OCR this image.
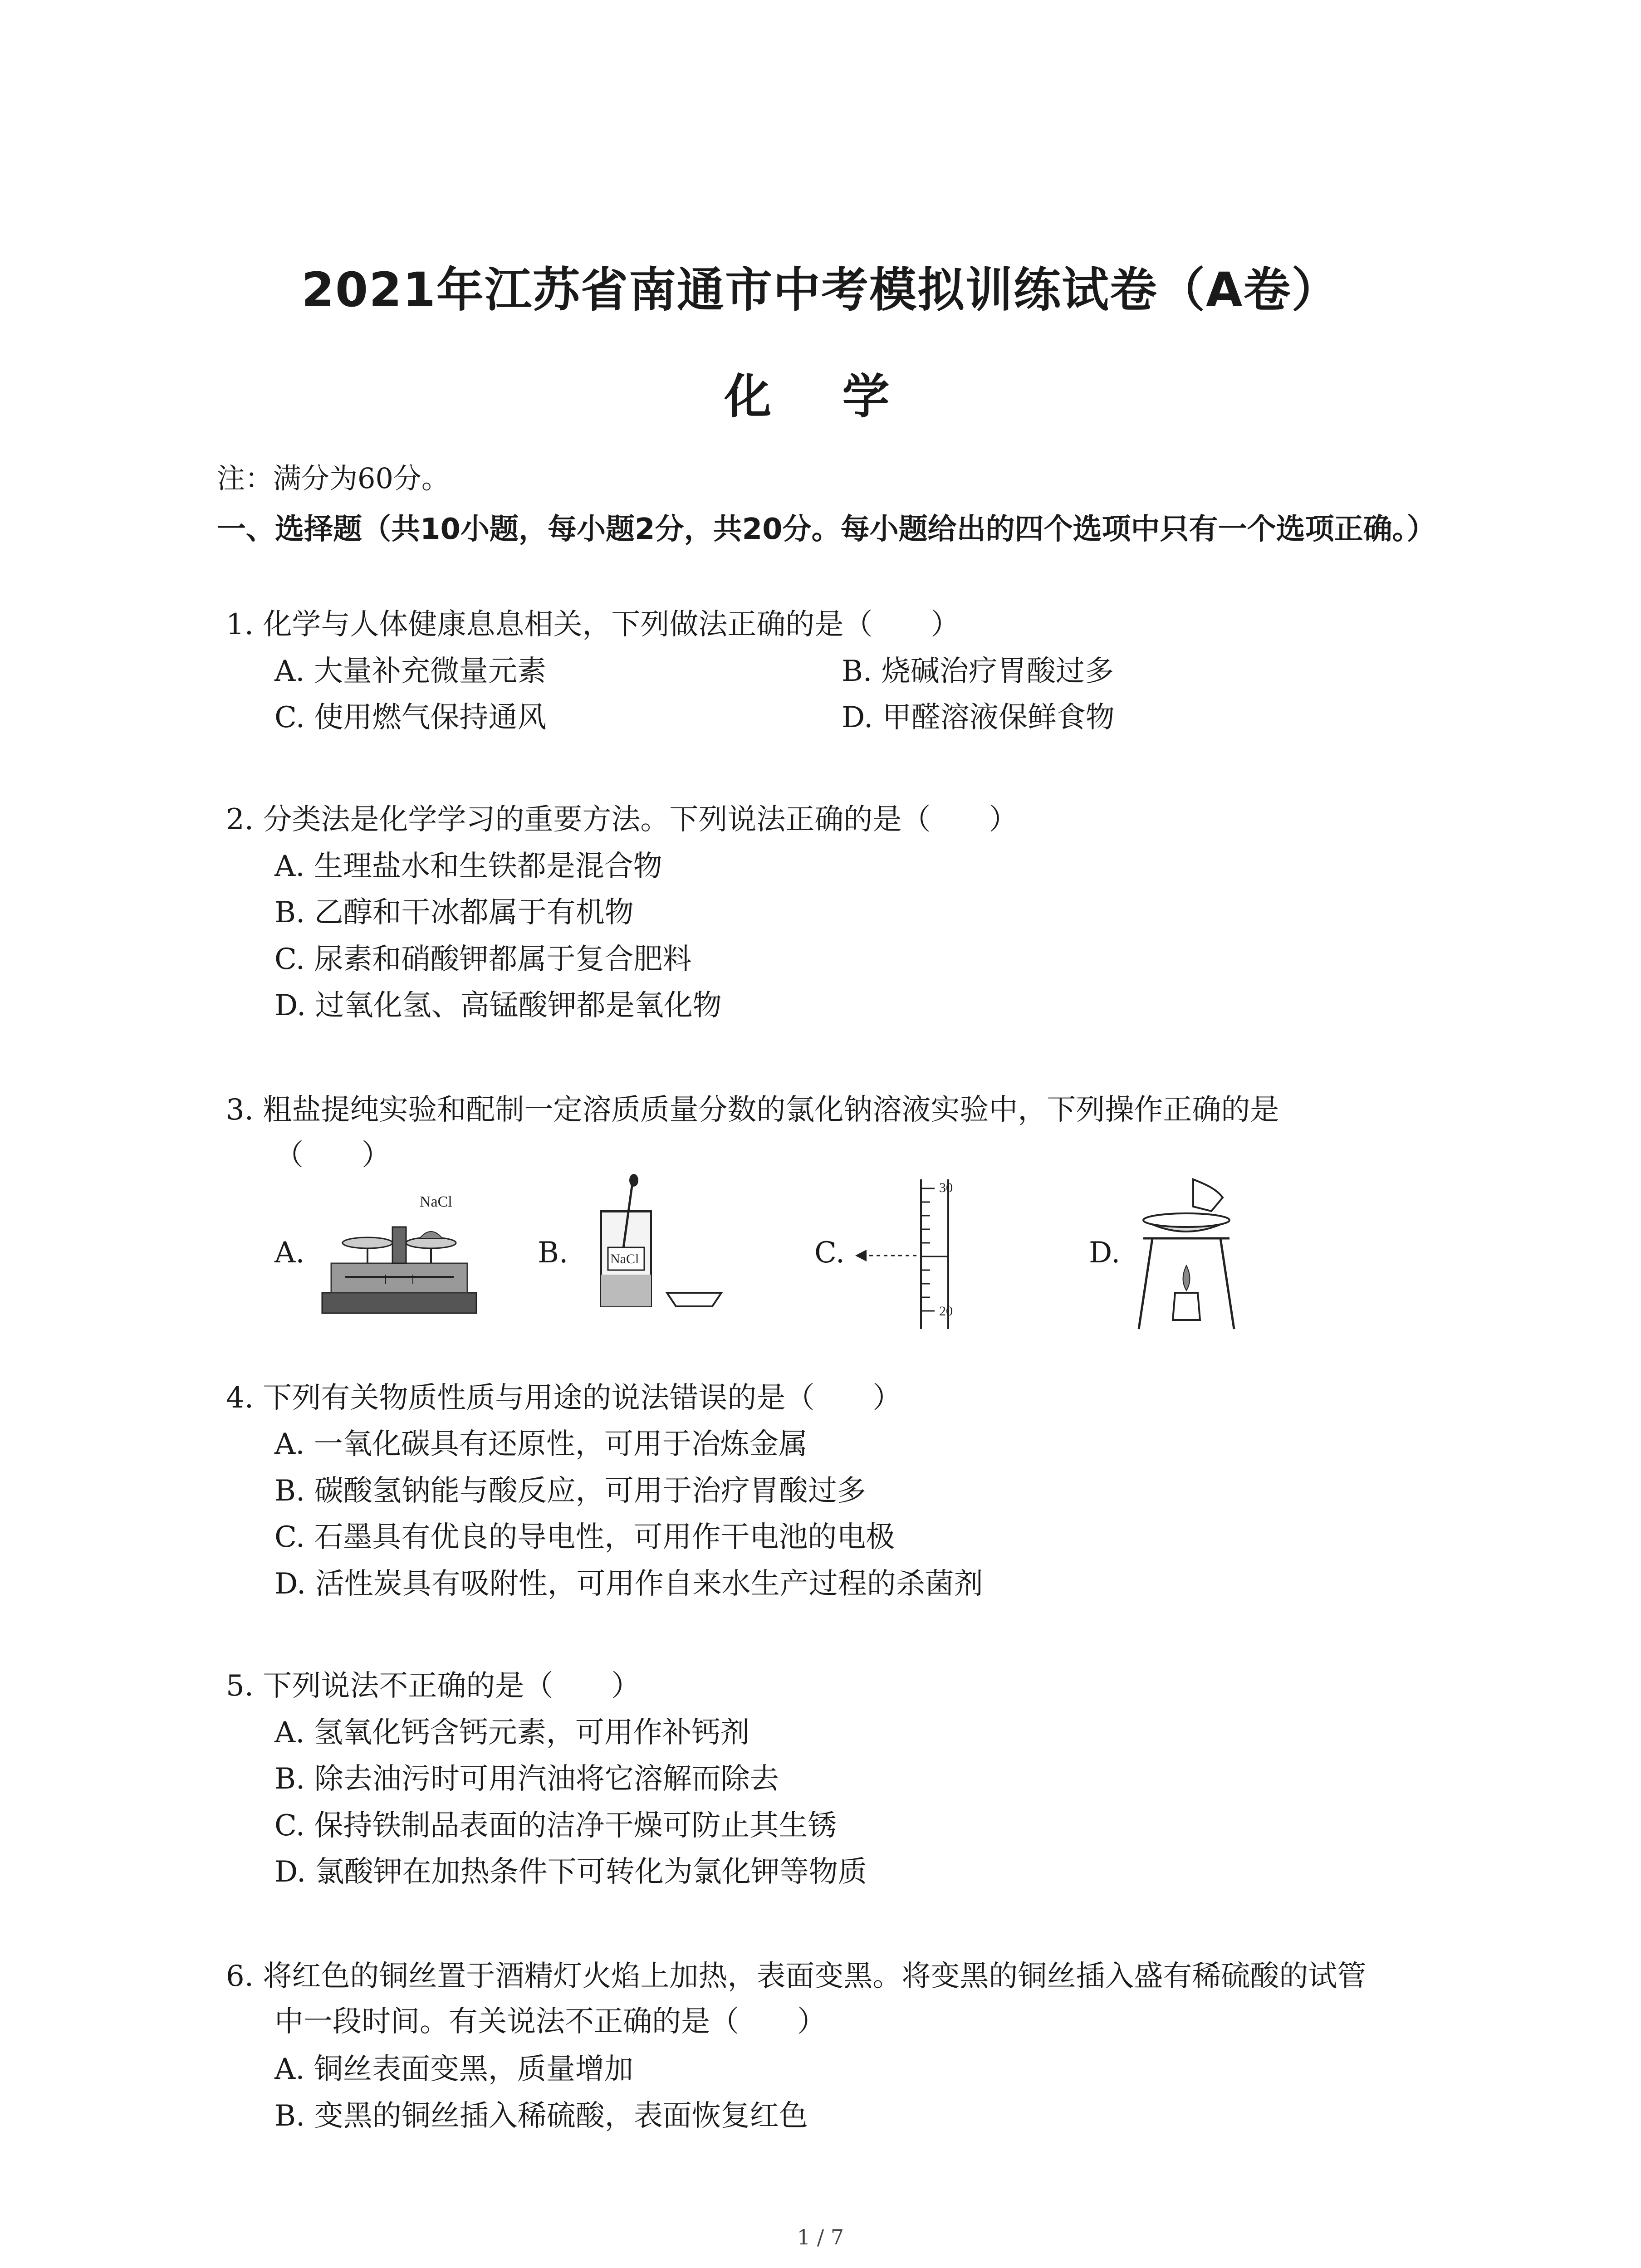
2021年江苏省南通市中考模拟训练试卷（A卷）
化 学
注：满分为60分。
一、选择题（共10小题，每小题2分，共20分。每小题给出的四个选项中只有一个选项正确。）
1. 化学与人体健康息息相关，下列做法正确的是（　　）
A. 大量补充微量元素	B. 烧碱治疗胃酸过多
C. 使用燃气保持通风	D. 甲醛溶液保鲜食物
2. 分类法是化学学习的重要方法。下列说法正确的是（　　）
A. 生理盐水和生铁都是混合物
B. 乙醇和干冰都属于有机物
C. 尿素和硝酸钾都属于复合肥料
D. 过氧化氢、高锰酸钾都是氧化物
3. 粗盐提纯实验和配制一定溶质质量分数的氯化钠溶液实验中，下列操作正确的是
（　　）
A.
NaCl
B.	NaCl	C.
30
20
D.
4. 下列有关物质性质与用途的说法错误的是（　　）
A. 一氧化碳具有还原性，可用于冶炼金属
B. 碳酸氢钠能与酸反应，可用于治疗胃酸过多
C. 石墨具有优良的导电性，可用作干电池的电极
D. 活性炭具有吸附性，可用作自来水生产过程的杀菌剂
5. 下列说法不正确的是（　　）
A. 氢氧化钙含钙元素，可用作补钙剂
B. 除去油污时可用汽油将它溶解而除去
C. 保持铁制品表面的洁净干燥可防止其生锈
D. 氯酸钾在加热条件下可转化为氯化钾等物质
6. 将红色的铜丝置于酒精灯火焰上加热，表面变黑。将变黑的铜丝插入盛有稀硫酸的试管
中一段时间。有关说法不正确的是（　　）
A. 铜丝表面变黑，质量增加
B. 变黑的铜丝插入稀硫酸，表面恢复红色
1 / 7
